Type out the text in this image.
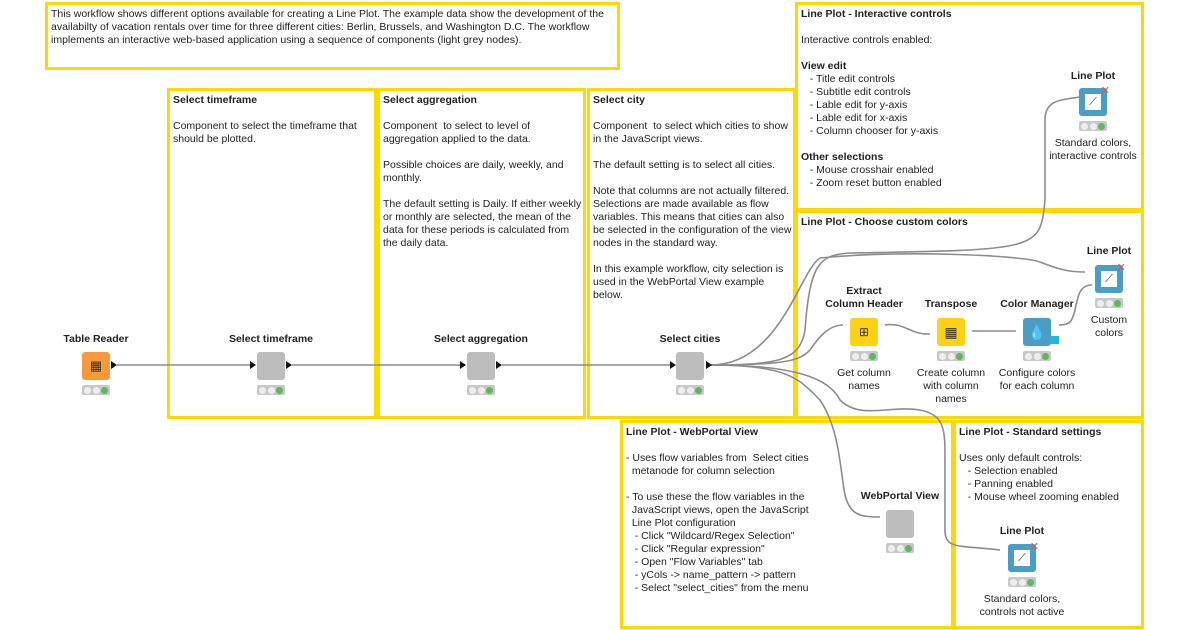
This workflow shows different options available for creating a Line Plot. The example data show the development of the
availabilty of vacation rentals over time for three different cities: Berlin, Brussels, and Washington D.C. The workflow
implements an interactive web-based application using a sequence of components (light grey nodes).
Select timeframe
Component to select the timeframe that
should be plotted.
Select aggregation
Component  to select to level of
aggregation applied to the data.
Possible choices are daily, weekly, and
monthly.
The default setting is Daily. If either weekly
or monthly are selected, the mean of the
data for these periods is calculated from
the daily data.
Select city
Component  to select which cities to show
in the JavaScript views.
The default setting is to select all cities.
Note that columns are not actually filtered.
Selections are made available as flow
variables. This means that cities can also
be selected in the configuration of the view
nodes in the standard way.
In this example workflow, city selection is
used in the WebPortal View example
below.
Line Plot - Interactive controls
Interactive controls enabled:
View edit
- Title edit controls
- Subtitle edit controls
- Lable edit for y-axis
- Lable edit for x-axis
- Column chooser for y-axis
Other selections
- Mouse crosshair enabled
- Zoom reset button enabled
Line Plot - Choose custom colors
Line Plot - WebPortal View
- Uses flow variables from  Select cities
metanode for column selection
- To use these the flow variables in the
JavaScript views, open the JavaScript
Line Plot configuration
- Click "Wildcard/Regex Selection"
- Click "Regular expression"
- Open "Flow Variables" tab
- yCols -> name_pattern -> pattern
- Select "select_cities" from the menu
Line Plot - Standard settings
Uses only default controls:
- Selection enabled
- Panning enabled
- Mouse wheel zooming enabled
Table Reader
▦
Select timeframe	Select aggregation	Select cities
Extract
Column Header
⊞
Get column
names
Transpose
▦
Create column
with column
names
Color Manager
💧
Configure colors
for each column
Line Plot
⟋
✕
Custom
colors
Line Plot
⟋
✕
Standard colors,
interactive controls
WebPortal View
Line Plot
⟋
✕
Standard colors,
controls not active
